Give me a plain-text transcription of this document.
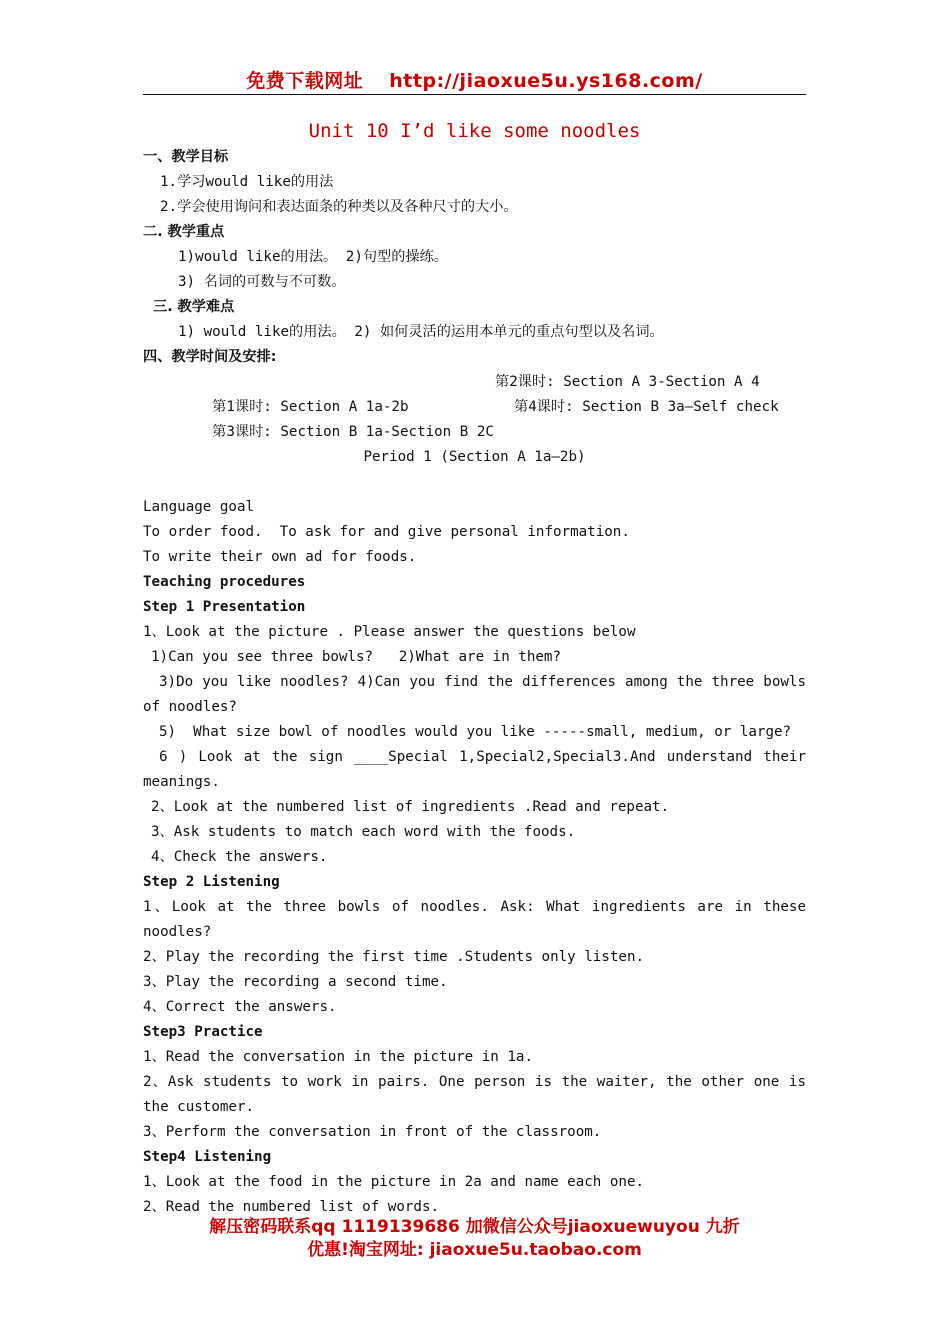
免费下载网址 http://jiaoxue5u.ys168.com/
Unit 10 I’d like some noodles
一、教学目标
1.学习would like的用法
2.学会使用询问和表达面条的种类以及各种尺寸的大小。
二. 教学重点
1)would like的用法。 2)句型的操练。
3) 名词的可数与不可数。
三. 教学难点
1) would like的用法。 2) 如何灵活的运用本单元的重点句型以及名词。
四、教学时间及安排:

第1课时: Section A 1a-2b

第2课时: Section A 3-Section A 4

第3课时: Section B 1a-Section B 2C

第4课时: Section B 3a—Self check

Period 1 (Section A 1a—2b)
Language goal
To order food.  To ask for and give personal information.
To write their own ad for foods.
Teaching procedures
Step 1 Presentation
1、Look at the picture . Please answer the questions below
1)Can you see three bowls?   2)What are in them?
3)Do you like noodles? 4)Can you find the differences among the three bowls of noodles?
5)  What size bowl of noodles would you like -----small, medium, or large?
6 ) Look at the sign ____Special 1,Special2,Special3.And understand their meanings.
2、Look at the numbered list of ingredients .Read and repeat.
3、Ask students to match each word with the foods.
4、Check the answers.
Step 2 Listening
1、Look at the three bowls of noodles. Ask: What ingredients are in these noodles?
2、Play the recording the first time .Students only listen.
3、Play the recording a second time.
4、Correct the answers.
Step3 Practice
1、Read the conversation in the picture in 1a.
2、Ask students to work in pairs. One person is the waiter, the other one is the customer.
3、Perform the conversation in front of the classroom.
Step4 Listening
1、Look at the food in the picture in 2a and name each one.
2、Read the numbered list of words.
解压密码联系qq 1119139686 加微信公众号jiaoxuewuyou 九折
优惠!淘宝网址: jiaoxue5u.taobao.com
